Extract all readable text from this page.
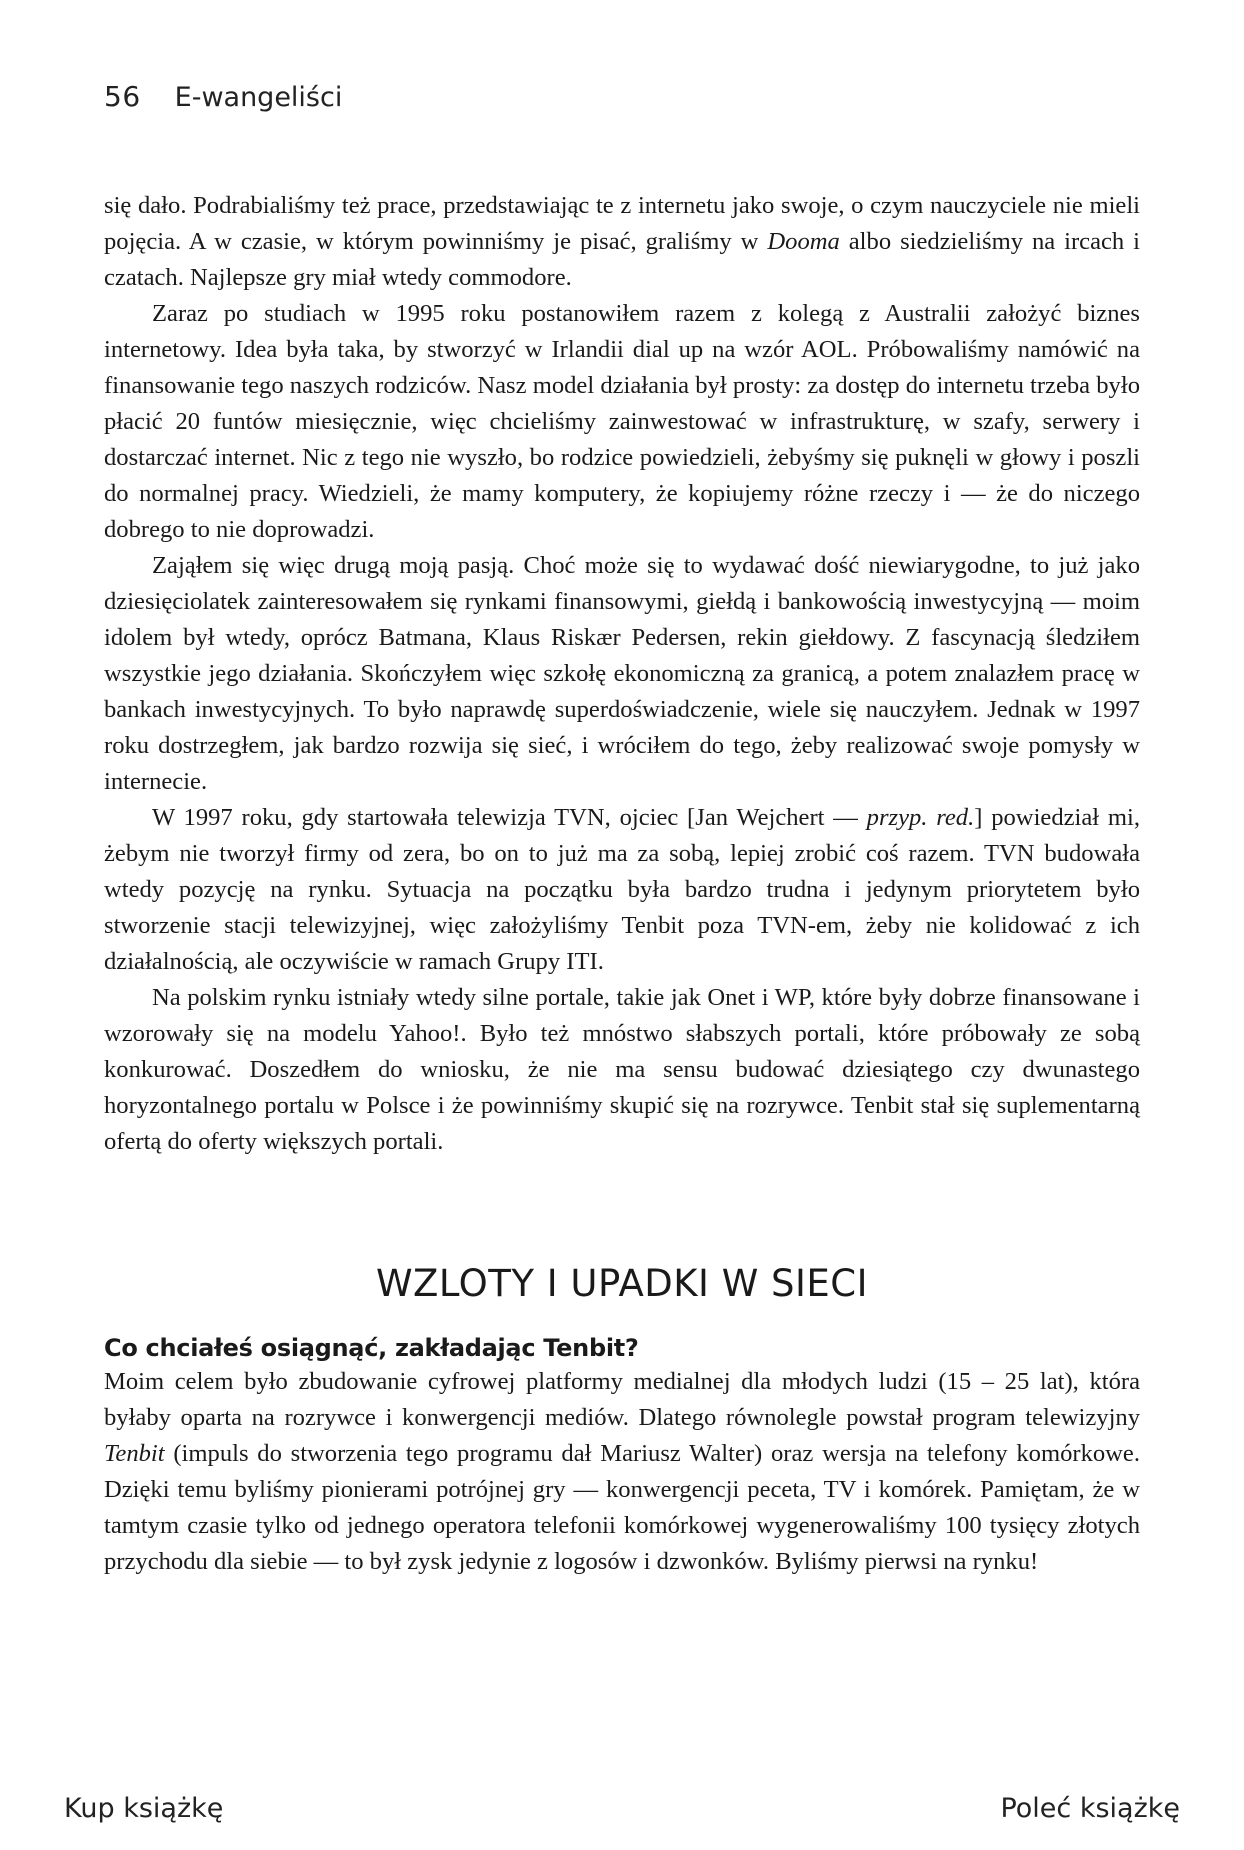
56 E-wangeliści

się dało. Podrabialiśmy też prace, przedstawiając te z internetu jako swoje, o czym nauczyciele nie mieli pojęcia. A w czasie, w którym powinniśmy je pisać, graliśmy w Dooma albo siedzieliśmy na ircach i czatach. Najlepsze gry miał wtedy commodore.

Zaraz po studiach w 1995 roku postanowiłem razem z kolegą z Australii założyć biznes internetowy. Idea była taka, by stworzyć w Irlandii dial up na wzór AOL. Próbowaliśmy namówić na finansowanie tego naszych rodziców. Nasz model działania był prosty: za dostęp do internetu trzeba było płacić 20 funtów miesięcznie, więc chcieliśmy zainwestować w infrastrukturę, w szafy, serwery i dostarczać internet. Nic z tego nie wyszło, bo rodzice powiedzieli, żebyśmy się puknęli w głowy i poszli do normalnej pracy. Wiedzieli, że mamy komputery, że kopiujemy różne rzeczy i — że do niczego dobrego to nie doprowadzi.

Zająłem się więc drugą moją pasją. Choć może się to wydawać dość niewiarygodne, to już jako dziesięciolatek zainteresowałem się rynkami finansowymi, giełdą i bankowością inwestycyjną — moim idolem był wtedy, oprócz Batmana, Klaus Riskær Pedersen, rekin giełdowy. Z fascynacją śledziłem wszystkie jego działania. Skończyłem więc szkołę ekonomiczną za granicą, a potem znalazłem pracę w bankach inwestycyjnych. To było naprawdę superdoświadczenie, wiele się nauczyłem. Jednak w 1997 roku dostrzegłem, jak bardzo rozwija się sieć, i wróciłem do tego, żeby realizować swoje pomysły w internecie.

W 1997 roku, gdy startowała telewizja TVN, ojciec [Jan Wejchert — przyp. red.] powiedział mi, żebym nie tworzył firmy od zera, bo on to już ma za sobą, lepiej zrobić coś razem. TVN budowała wtedy pozycję na rynku. Sytuacja na początku była bardzo trudna i jedynym priorytetem było stworzenie stacji telewizyjnej, więc założyliśmy Tenbit poza TVN-em, żeby nie kolidować z ich działalnością, ale oczywiście w ramach Grupy ITI.

Na polskim rynku istniały wtedy silne portale, takie jak Onet i WP, które były dobrze finansowane i wzorowały się na modelu Yahoo!. Było też mnóstwo słabszych portali, które próbowały ze sobą konkurować. Doszedłem do wniosku, że nie ma sensu budować dziesiątego czy dwunastego horyzontalnego portalu w Polsce i że powinniśmy skupić się na rozrywce. Tenbit stał się suplementarną ofertą do oferty większych portali.

WZLOTY I UPADKI W SIECI
Co chciałeś osiągnąć, zakładając Tenbit?

Moim celem było zbudowanie cyfrowej platformy medialnej dla młodych ludzi (15 – 25 lat), która byłaby oparta na rozrywce i konwergencji mediów. Dlatego równolegle powstał program telewizyjny Tenbit (impuls do stworzenia tego programu dał Mariusz Walter) oraz wersja na telefony komórkowe. Dzięki temu byliśmy pionierami potrójnej gry — konwergencji peceta, TV i komórek. Pamiętam, że w tamtym czasie tylko od jednego operatora telefonii komórkowej wygenerowaliśmy 100 tysięcy złotych przychodu dla siebie — to był zysk jedynie z logosów i dzwonków. Byliśmy pierwsi na rynku!

Kup książkę	Poleć książkę
